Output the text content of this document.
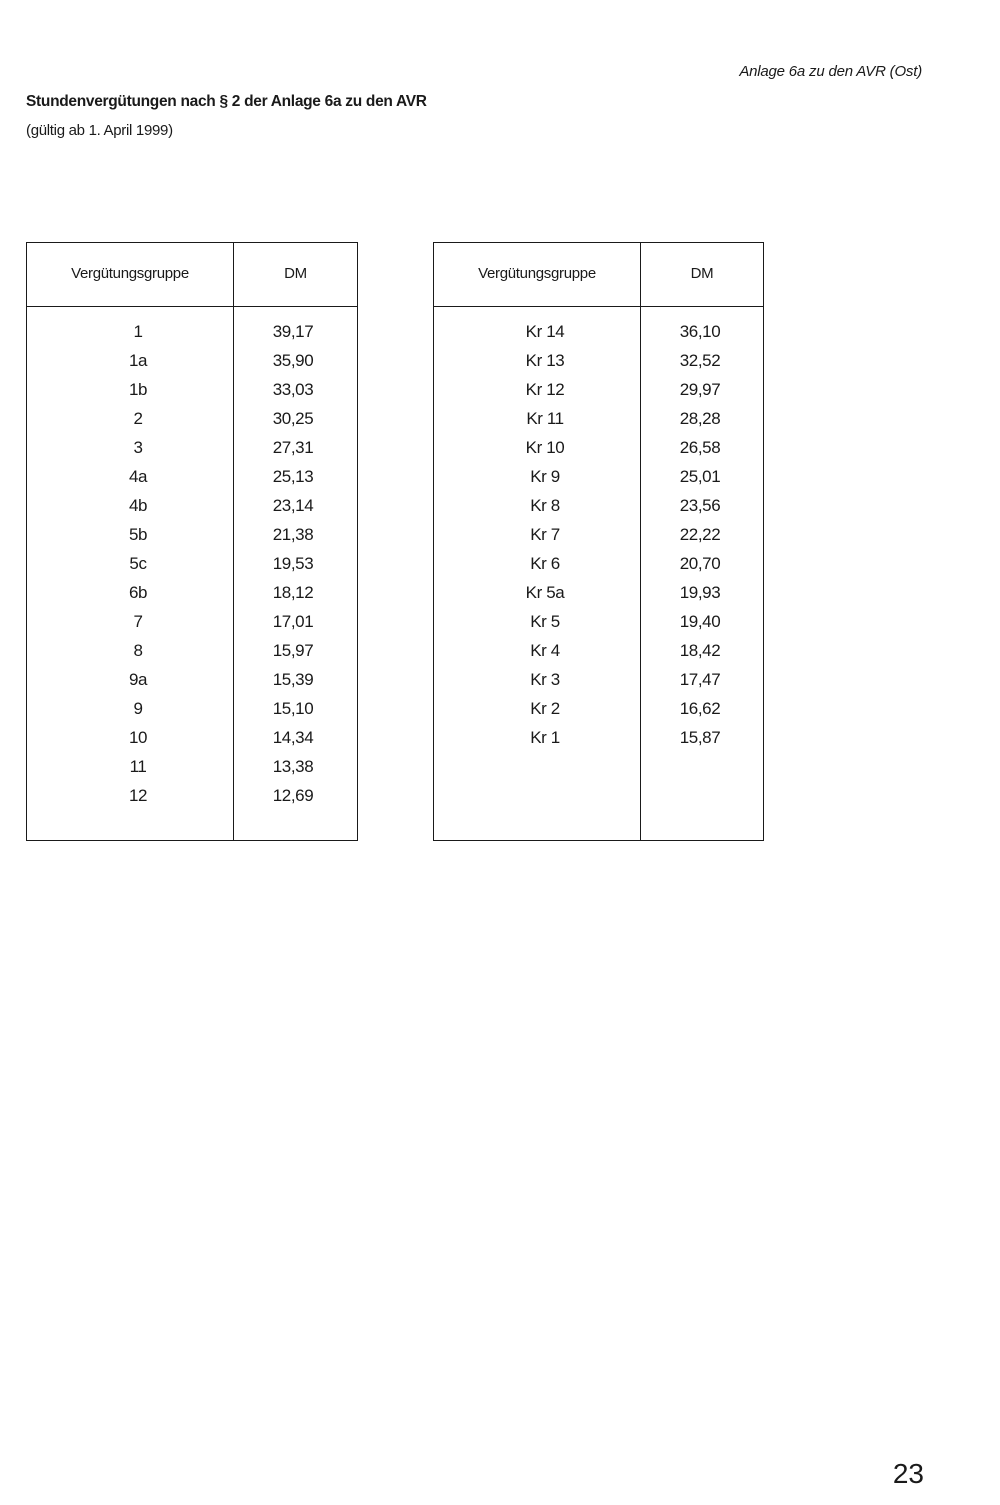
Anlage 6a zu den AVR (Ost)
Stundenvergütungen nach § 2 der Anlage 6a zu den AVR
(gültig ab 1. April 1999)
Vergütungsgruppe	DM
1	39,17
1a	35,90
1b	33,03
2	30,25
3	27,31
4a	25,13
4b	23,14
5b	21,38
5c	19,53
6b	18,12
7	17,01
8	15,97
9a	15,39
9	15,10
10	14,34
11	13,38
12	12,69
Vergütungsgruppe	DM
Kr 14	36,10
Kr 13	32,52
Kr 12	29,97
Kr 11	28,28
Kr 10	26,58
Kr 9	25,01
Kr 8	23,56
Kr 7	22,22
Kr 6	20,70
Kr 5a	19,93
Kr 5	19,40
Kr 4	18,42
Kr 3	17,47
Kr 2	16,62
Kr 1	15,87
23
